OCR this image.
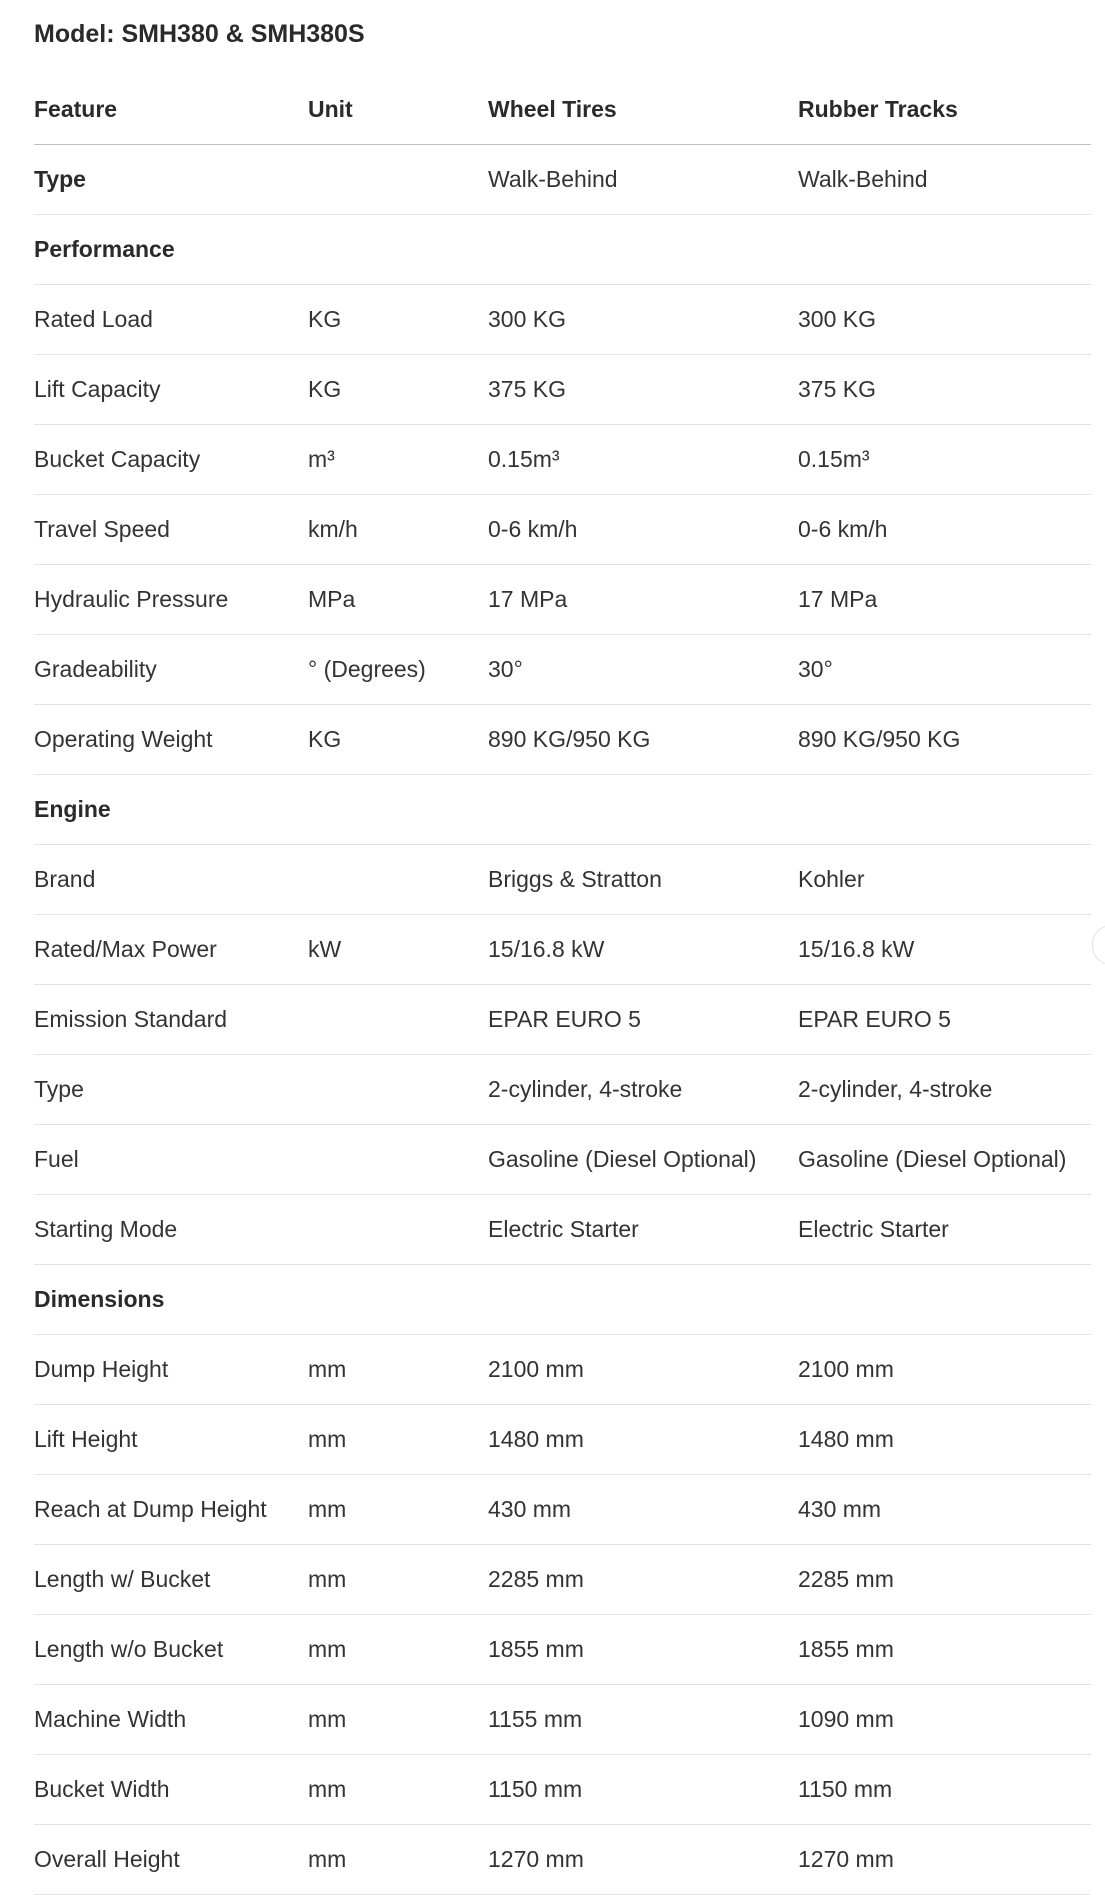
Model: SMH380 & SMH380S
Feature	Unit	Wheel Tires	Rubber Tracks
Type		Walk-Behind	Walk-Behind
Performance			
Rated Load	KG	300 KG	300 KG
Lift Capacity	KG	375 KG	375 KG
Bucket Capacity	m³	0.15m³	0.15m³
Travel Speed	km/h	0-6 km/h	0-6 km/h
Hydraulic Pressure	MPa	17 MPa	17 MPa
Gradeability	° (Degrees)	30°	30°
Operating Weight	KG	890 KG/950 KG	890 KG/950 KG
Engine			
Brand		Briggs & Stratton	Kohler
Rated/Max Power	kW	15/16.8 kW	15/16.8 kW
Emission Standard		EPAR EURO 5	EPAR EURO 5
Type		2-cylinder, 4-stroke	2-cylinder, 4-stroke
Fuel		Gasoline (Diesel Optional)	Gasoline (Diesel Optional)
Starting Mode		Electric Starter	Electric Starter
Dimensions			
Dump Height	mm	2100 mm	2100 mm
Lift Height	mm	1480 mm	1480 mm
Reach at Dump Height	mm	430 mm	430 mm
Length w/ Bucket	mm	2285 mm	2285 mm
Length w/o Bucket	mm	1855 mm	1855 mm
Machine Width	mm	1155 mm	1090 mm
Bucket Width	mm	1150 mm	1150 mm
Overall Height	mm	1270 mm	1270 mm
